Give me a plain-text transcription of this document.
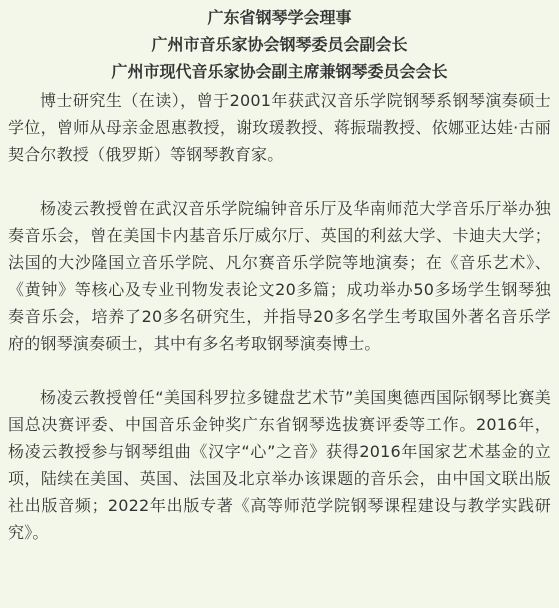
广东省钢琴学会理事
广州市音乐家协会钢琴委员会副会长
广州市现代音乐家协会副主席兼钢琴委员会会长

博士研究生（在读），曾于2001年获武汉音乐学院钢琴系钢琴演奏硕士学位，曾师从母亲金恩惠教授，谢玫瑗教授、蒋振瑞教授、依娜亚达娃·古丽契合尔教授（俄罗斯）等钢琴教育家。

杨凌云教授曾在武汉音乐学院编钟音乐厅及华南师范大学音乐厅举办独奏音乐会，曾在美国卡内基音乐厅威尔厅、英国的利兹大学、卡迪夫大学；法国的大沙隆国立音乐学院、凡尔赛音乐学院等地演奏；在《音乐艺术》、《黄钟》等核心及专业刊物发表论文20多篇；成功举办50多场学生钢琴独奏音乐会，培养了20多名研究生，并指导20多名学生考取国外著名音乐学府的钢琴演奏硕士，其中有多名考取钢琴演奏博士。

杨凌云教授曾任“美国科罗拉多键盘艺术节”美国奥德西国际钢琴比赛美国总决赛评委、中国音乐金钟奖广东省钢琴选拔赛评委等工作。2016年，杨凌云教授参与钢琴组曲《汉字“心”之音》获得2016年国家艺术基金的立项，陆续在美国、英国、法国及北京举办该课题的音乐会，由中国文联出版社出版音频；2022年出版专著《高等师范学院钢琴课程建设与教学实践研究》。
